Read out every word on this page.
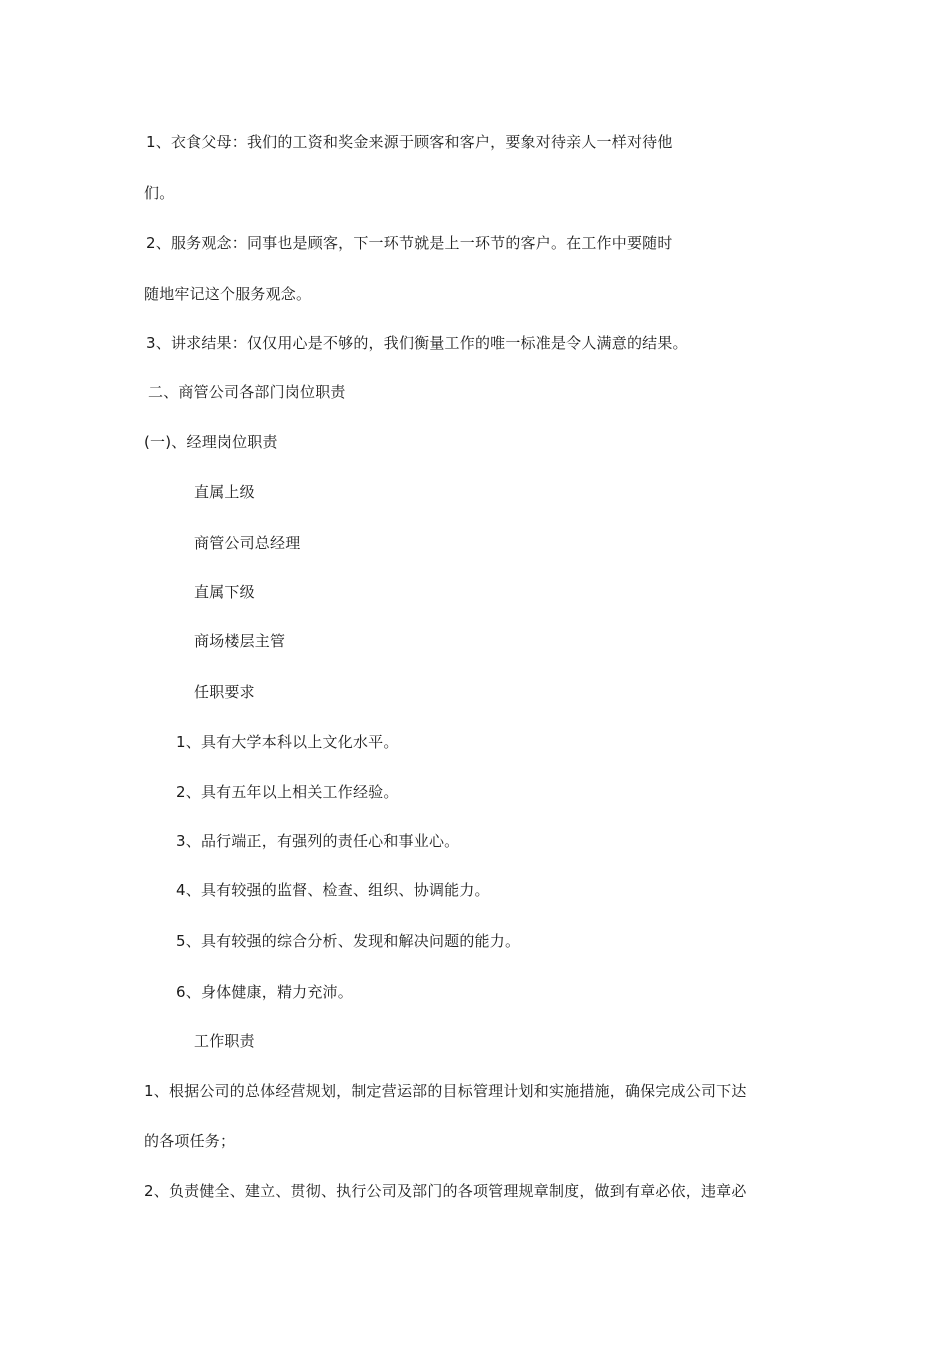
1、衣食父母：我们的工资和奖金来源于顾客和客户，要象对待亲人一样对待他
们。
2、服务观念：同事也是顾客，下一环节就是上一环节的客户。在工作中要随时
随地牢记这个服务观念。
3、讲求结果：仅仅用心是不够的，我们衡量工作的唯一标准是令人满意的结果。
二、商管公司各部门岗位职责
(一)、经理岗位职责
直属上级
商管公司总经理
直属下级
商场楼层主管
任职要求
1、具有大学本科以上文化水平。
2、具有五年以上相关工作经验。
3、品行端正，有强列的责任心和事业心。
4、具有较强的监督、检查、组织、协调能力。
5、具有较强的综合分析、发现和解决问题的能力。
6、身体健康，精力充沛。
工作职责
1、根据公司的总体经营规划，制定营运部的目标管理计划和实施措施，确保完成公司下达
的各项任务；
2、负责健全、建立、贯彻、执行公司及部门的各项管理规章制度，做到有章必依，违章必
